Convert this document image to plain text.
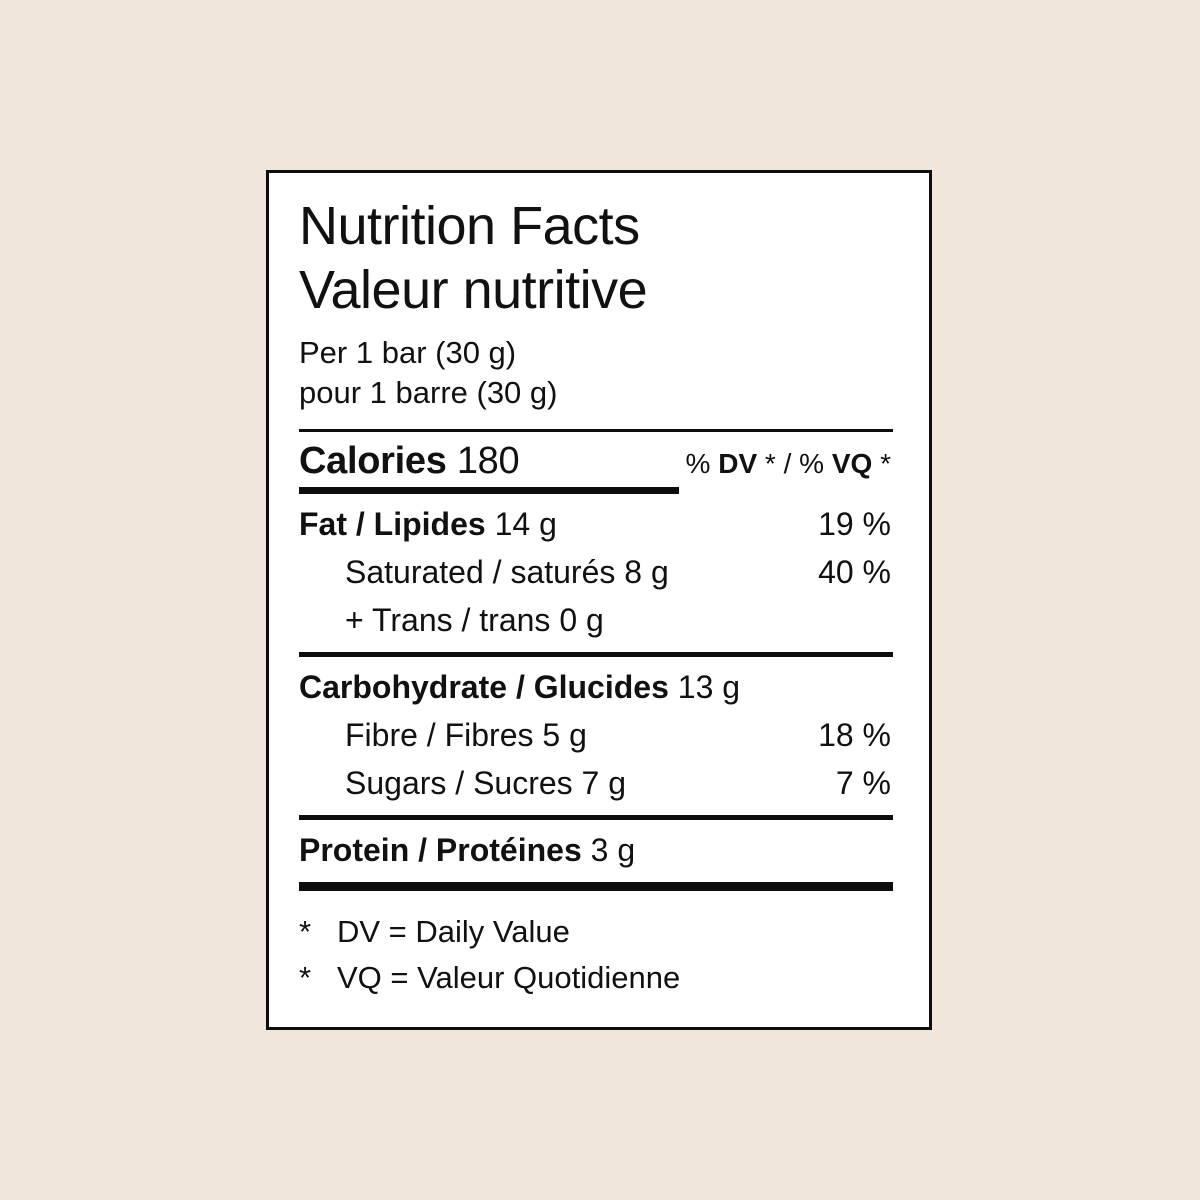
Nutrition Facts
Valeur nutritive
Per 1 bar (30 g)
pour 1 barre (30 g)
Calories 180	% DV * / % VQ *
Fat / Lipides 14 g	19 %
Saturated / saturés 8 g	40 %
+ Trans / trans 0 g
Carbohydrate / Glucides 13 g
Fibre / Fibres 5 g	18 %
Sugars / Sucres 7 g	7 %
Protein / Protéines 3 g
* DV = Daily Value
* VQ = Valeur Quotidienne
